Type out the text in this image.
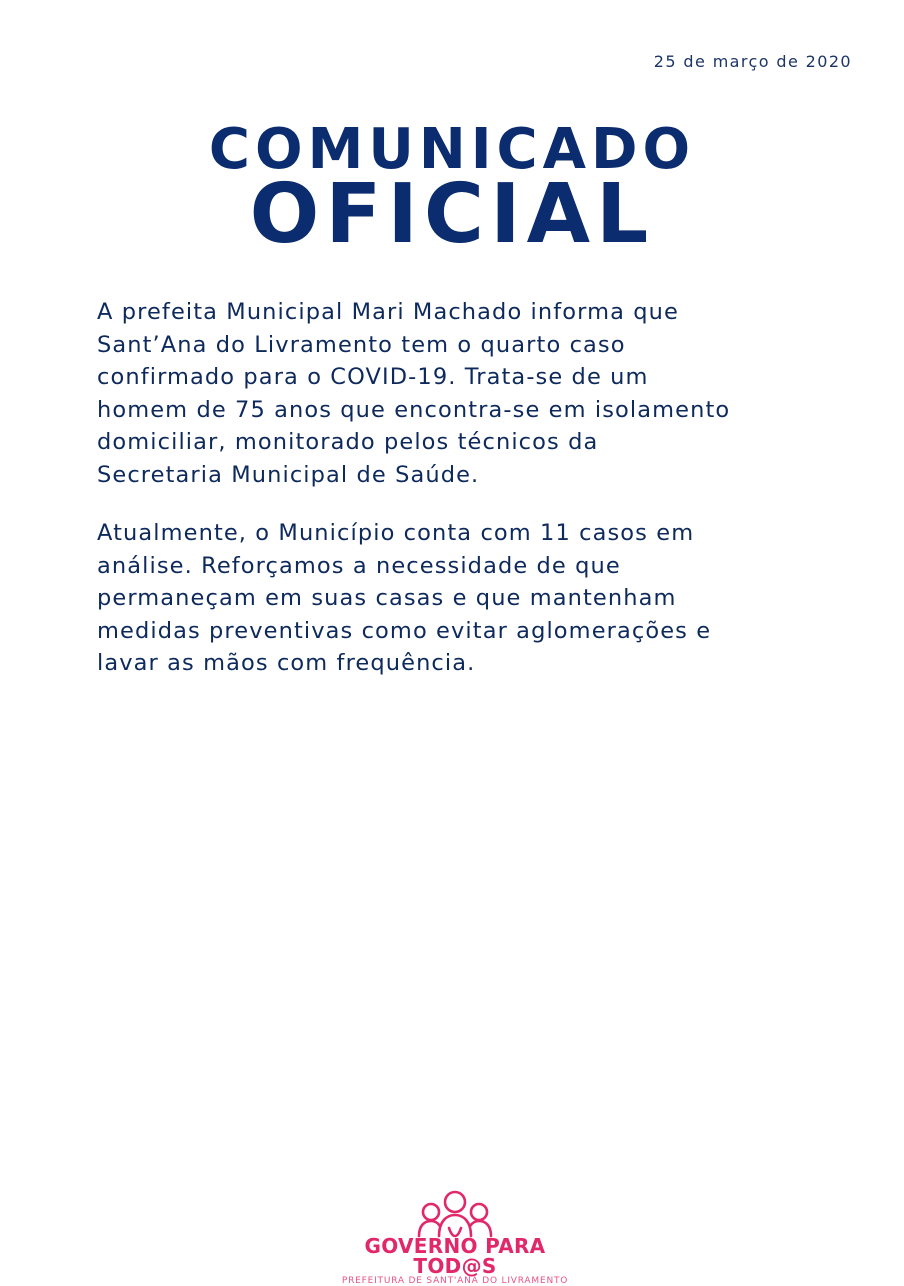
25 de março de 2020
COMUNICADO
OFICIAL
A prefeita Municipal Mari Machado informa que
Sant’Ana do Livramento tem o quarto caso
confirmado para o COVID-19. Trata-se de um
homem de 75 anos que encontra-se em isolamento
domiciliar, monitorado pelos técnicos da
Secretaria Municipal de Saúde.
Atualmente, o Município conta com 11 casos em
análise. Reforçamos a necessidade de que
permaneçam em suas casas e que mantenham
medidas preventivas como evitar aglomerações e
lavar as mãos com frequência.
GOVERNO PARA TOD@S
PREFEITURA DE SANT'ANA DO LIVRAMENTO
